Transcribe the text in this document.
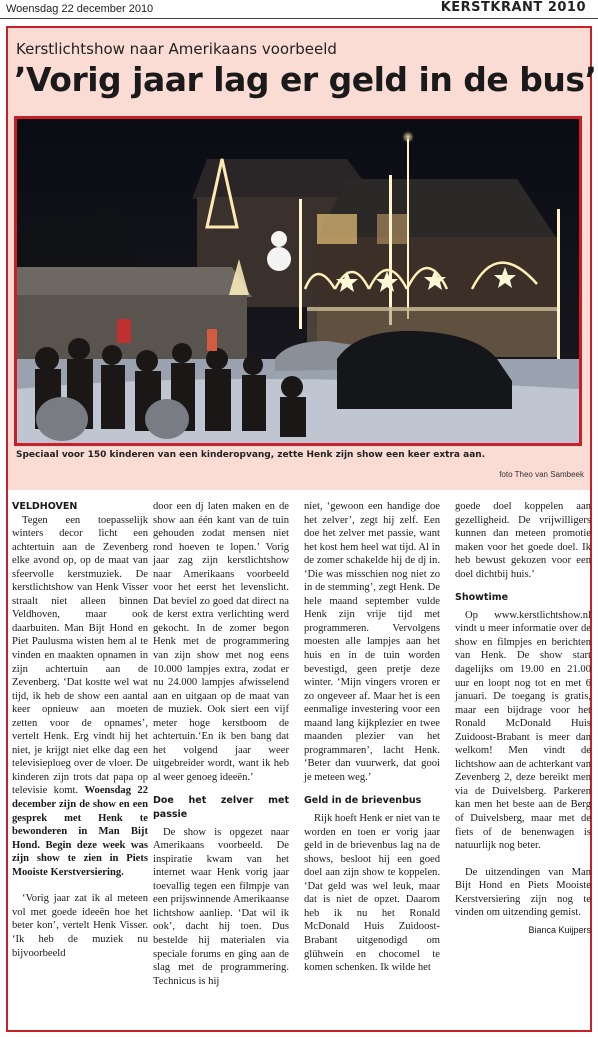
Woensdag 22 december 2010	KERSTKRANT 2010
Kerstlichtshow naar Amerikaans voorbeeld
’Vorig jaar lag er geld in de bus’
Speciaal voor 150 kinderen van een kinderopvang, zette Henk zijn show een keer extra aan.
foto Theo van Sambeek

VELDHOVEN

Tegen een toepasselijk winters decor licht een achtertuin aan de Zevenberg elke avond op, op de maat van sfeervolle kerstmuziek. De kerstlichtshow van Henk Visser straalt niet alleen binnen Veldhoven, maar ook daarbuiten. Man Bijt Hond en Piet Paulusma wisten hem al te vinden en maakten opnamen in zijn achtertuin aan de Zevenberg. ‘Dat kostte wel wat tijd, ik heb de show een aantal keer opnieuw aan moeten zetten voor de opnames’, vertelt Henk. Erg vindt hij het niet, je krijgt niet elke dag een televisieploeg over de vloer. De kinderen zijn trots dat papa op televisie komt. Woensdag 22 december zijn de show en een gesprek met Henk te bewonderen in Man Bijt Hond. Begin deze week was zijn show te zien in Piets Mooiste Kerstversiering.

‘Vorig jaar zat ik al meteen vol met goede ideeën hoe het beter kon’, vertelt Henk Visser. ‘Ik heb de muziek nu bijvoorbeeld

door een dj laten maken en de show aan één kant van de tuin gehouden zodat mensen niet rond hoeven te lopen.’ Vorig jaar zag zijn kerstlichtshow naar Amerikaans voorbeeld voor het eerst het levenslicht. Dat beviel zo goed dat direct na de kerst extra verlichting werd gekocht. In de zomer begon Henk met de programmering van zijn show met nog eens 10.000 lampjes extra, zodat er nu 24.000 lampjes afwisselend aan en uitgaan op de maat van de muziek. Ook siert een vijf meter hoge kerstboom de achtertuin.‘En ik ben bang dat het volgend jaar weer uitgebreider wordt, want ik heb al weer genoeg ideeën.’

Doe het zelver met passie

De show is opgezet naar Amerikaans voorbeeld. De inspiratie kwam van het internet waar Henk vorig jaar toevallig tegen een filmpje van een prijswinnende Amerikaanse lichtshow aanliep. ‘Dat wil ik ook’, dacht hij toen. Dus bestelde hij materialen via speciale forums en ging aan de slag met de programmering. Technicus is hij

niet, ‘gewoon een handige doe het zelver’, zegt hij zelf. Een doe het zelver met passie, want het kost hem heel wat tijd. Al in de zomer schakelde hij de dj in. ‘Die was misschien nog niet zo in de stemming’, zegt Henk. De hele maand september vulde Henk zijn vrije tijd met programmeren. Vervolgens moesten alle lampjes aan het huis en in de tuin worden bevestigd, geen pretje deze winter. ‘Mijn vingers vroren er zo ongeveer af. Maar het is een eenmalige investering voor een maand lang kijkplezier en twee maanden plezier van het programmaren’, lacht Henk. ‘Beter dan vuurwerk, dat gooi je meteen weg.’

Geld in de brievenbus

Rijk hoeft Henk er niet van te worden en toen er vorig jaar geld in de brievenbus lag na de shows, besloot hij een goed doel aan zijn show te koppelen. ‘Dat geld was wel leuk, maar dat is niet de opzet. Daarom heb ik nu het Ronald McDonald Huis Zuidoost-Brabant uitgenodigd om glühwein en chocomel te komen schenken. Ik wilde het

goede doel koppelen aan gezelligheid. De vrijwilligers kunnen dan meteen promotie maken voor het goede doel. Ik heb bewust gekozen voor een doel dichtbij huis.’

Showtime

Op www.kerstlichtshow.nl vindt u meer informatie over de show en filmpjes en berichten van Henk. De show start dagelijks om 19.00 en 21.00 uur en loopt nog tot en met 6 januari. De toegang is gratis, maar een bijdrage voor het Ronald McDonald Huis Zuidoost-Brabant is meer dan welkom! Men vindt de lichtshow aan de achterkant van Zevenberg 2, deze bereikt men via de Duivelsberg. Parkeren kan men het beste aan de Berg of Duivelsberg, maar met de fiets of de benenwagen is natuurlijk nog beter.

De uitzendingen van Man Bijt Hond en Piets Mooiste Kerstversiering zijn nog te vinden om uitzending gemist.

Bianca Kuijpers
